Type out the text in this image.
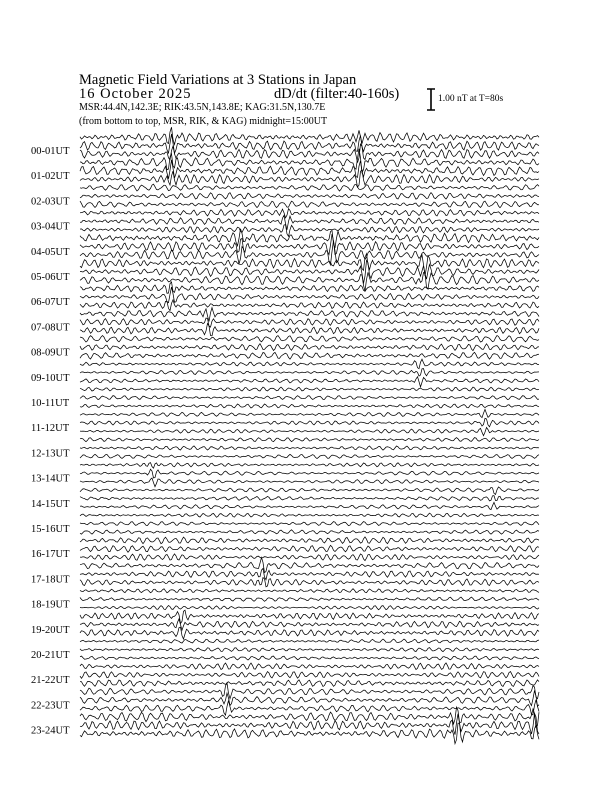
Magnetic Field Variations at 3 Stations in Japan
16 October 2025	dD/dt (filter:40-160s)
MSR:44.4N,142.3E; RIK:43.5N,143.8E; KAG:31.5N,130.7E
(from bottom to top, MSR, RIK, & KAG) midnight=15:00UT
1.00 nT at T=80s
00-01UT
01-02UT
02-03UT
03-04UT
04-05UT
05-06UT
06-07UT
07-08UT
08-09UT
09-10UT
10-11UT
11-12UT
12-13UT
13-14UT
14-15UT
15-16UT
16-17UT
17-18UT
18-19UT
19-20UT
20-21UT
21-22UT
22-23UT
23-24UT
